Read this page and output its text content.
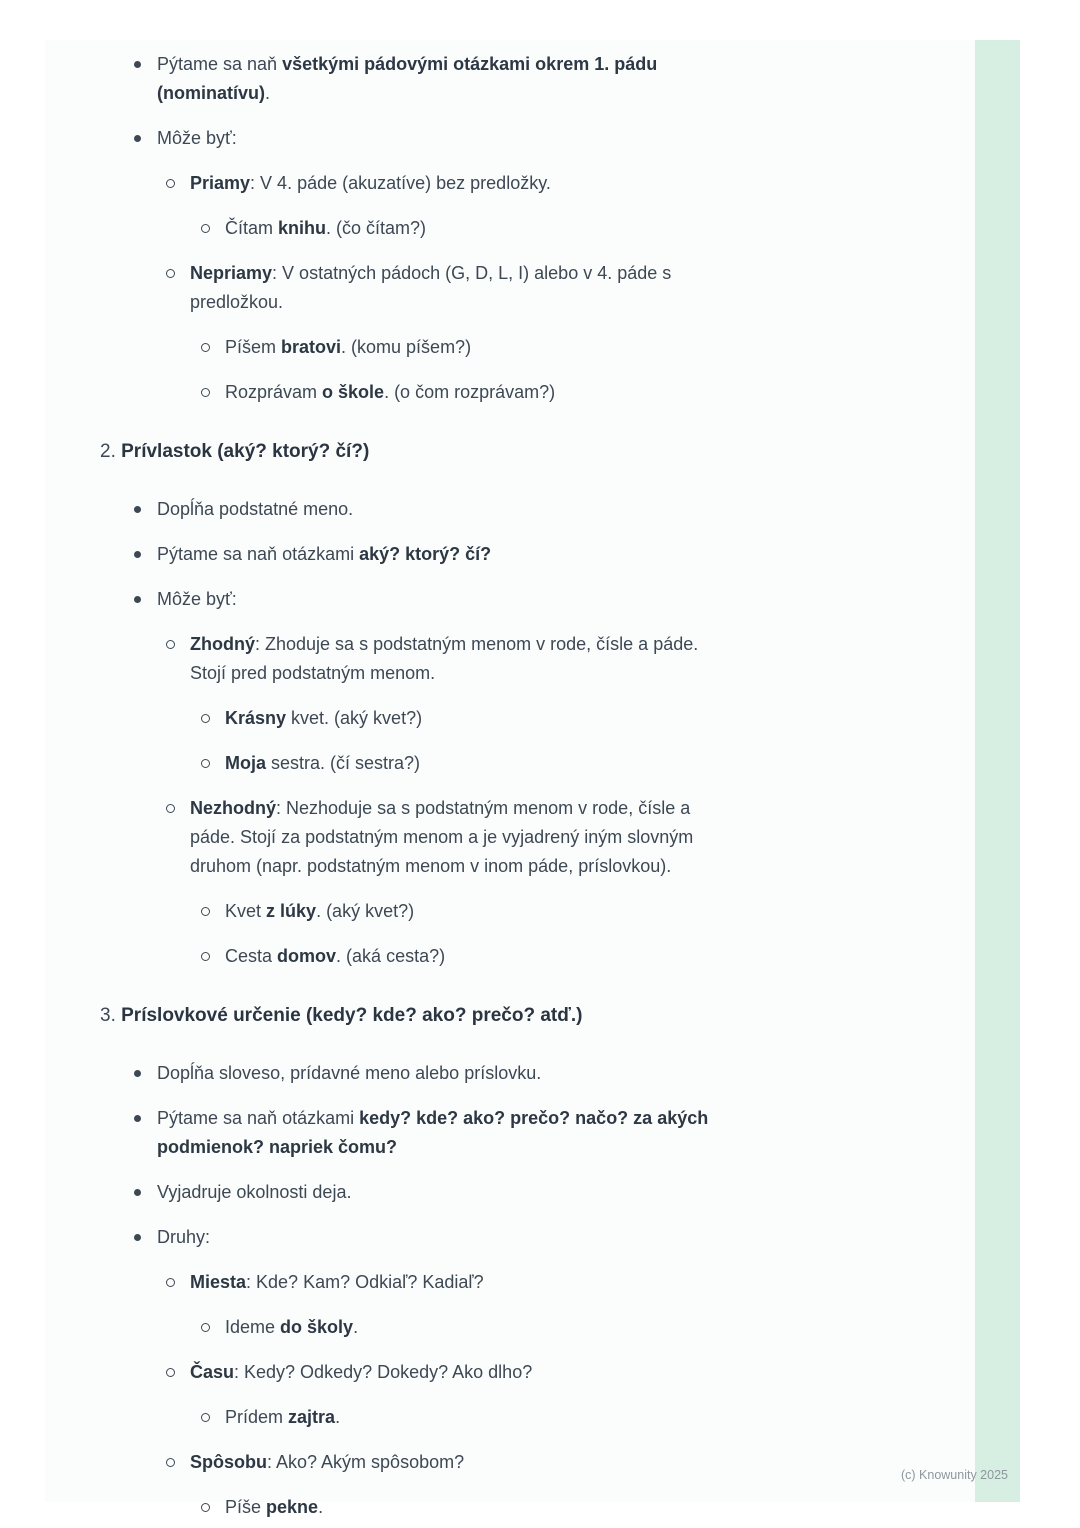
Pýtame sa naň všetkými pádovými otázkami okrem 1. pádu (nominatívu).
Môže byť:
Priamy: V 4. páde (akuzatíve) bez predložky.
Čítam knihu. (čo čítam?)
Nepriamy: V ostatných pádoch (G, D, L, I) alebo v 4. páde s predložkou.
Píšem bratovi. (komu píšem?)
Rozprávam o škole. (o čom rozprávam?)
2. Prívlastok (aký? ktorý? čí?)
Dopĺňa podstatné meno.
Pýtame sa naň otázkami aký? ktorý? čí?
Môže byť:
Zhodný: Zhoduje sa s podstatným menom v rode, čísle a páde.
Stojí pred podstatným menom.
Krásny kvet. (aký kvet?)
Moja sestra. (čí sestra?)
Nezhodný: Nezhoduje sa s podstatným menom v rode, čísle a páde. Stojí za podstatným menom a je vyjadrený iným slovným druhom (napr. podstatným menom v inom páde, príslovkou).
Kvet z lúky. (aký kvet?)
Cesta domov. (aká cesta?)
3. Príslovkové určenie (kedy? kde? ako? prečo? atď.)
Dopĺňa sloveso, prídavné meno alebo príslovku.
Pýtame sa naň otázkami kedy? kde? ako? prečo? načo? za akých podmienok? napriek čomu?
Vyjadruje okolnosti deja.
Druhy:
Miesta: Kde? Kam? Odkiaľ? Kadiaľ?
Ideme do školy.
Času: Kedy? Odkedy? Dokedy? Ako dlho?
Prídem zajtra.
Spôsobu: Ako? Akým spôsobom?
Píše pekne.
(c) Knowunity 2025
